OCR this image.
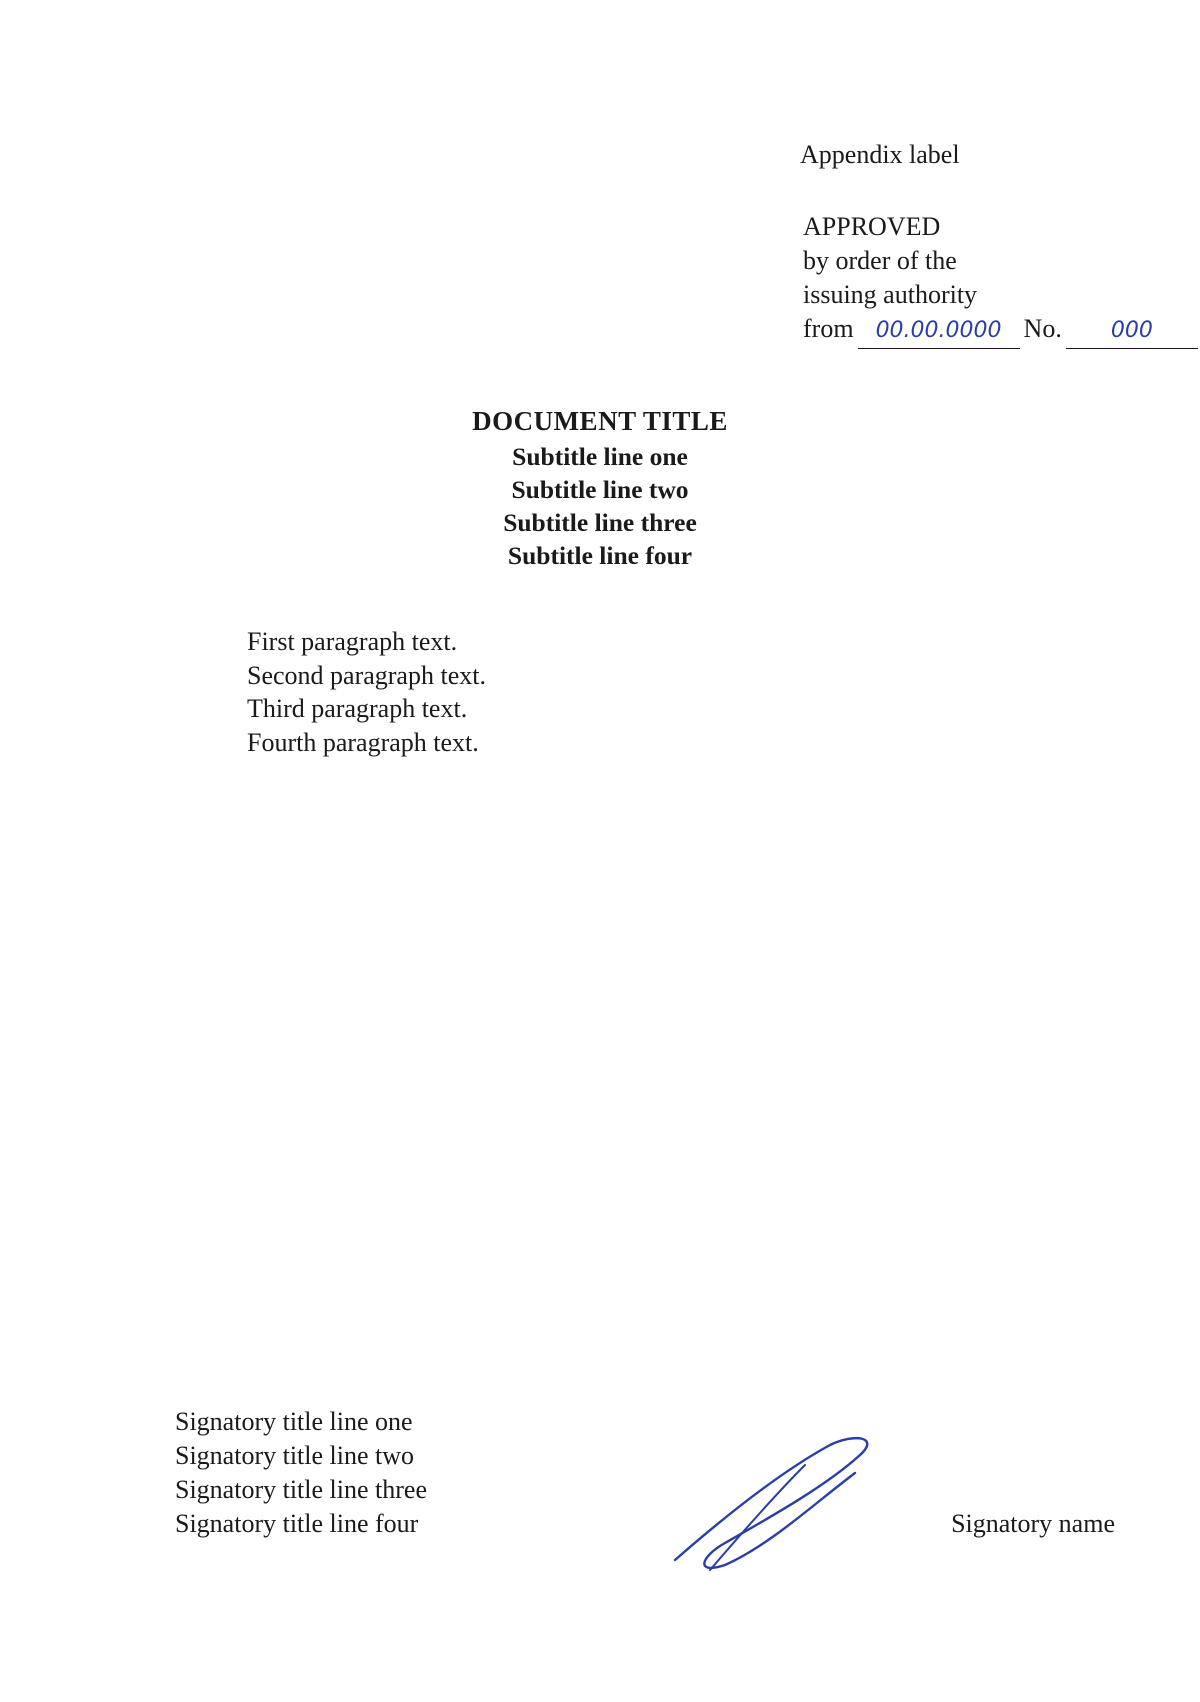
Appendix label
APPROVED
by order of the
issuing authority
from	00.00.0000 No.	000
DOCUMENT TITLE
Subtitle line one
Subtitle line two
Subtitle line three
Subtitle line four

First paragraph text.

Second paragraph text.

Third paragraph text.

Fourth paragraph text.

Signatory title line one
Signatory title line two
Signatory title line three
Signatory title line four	Signatory name
